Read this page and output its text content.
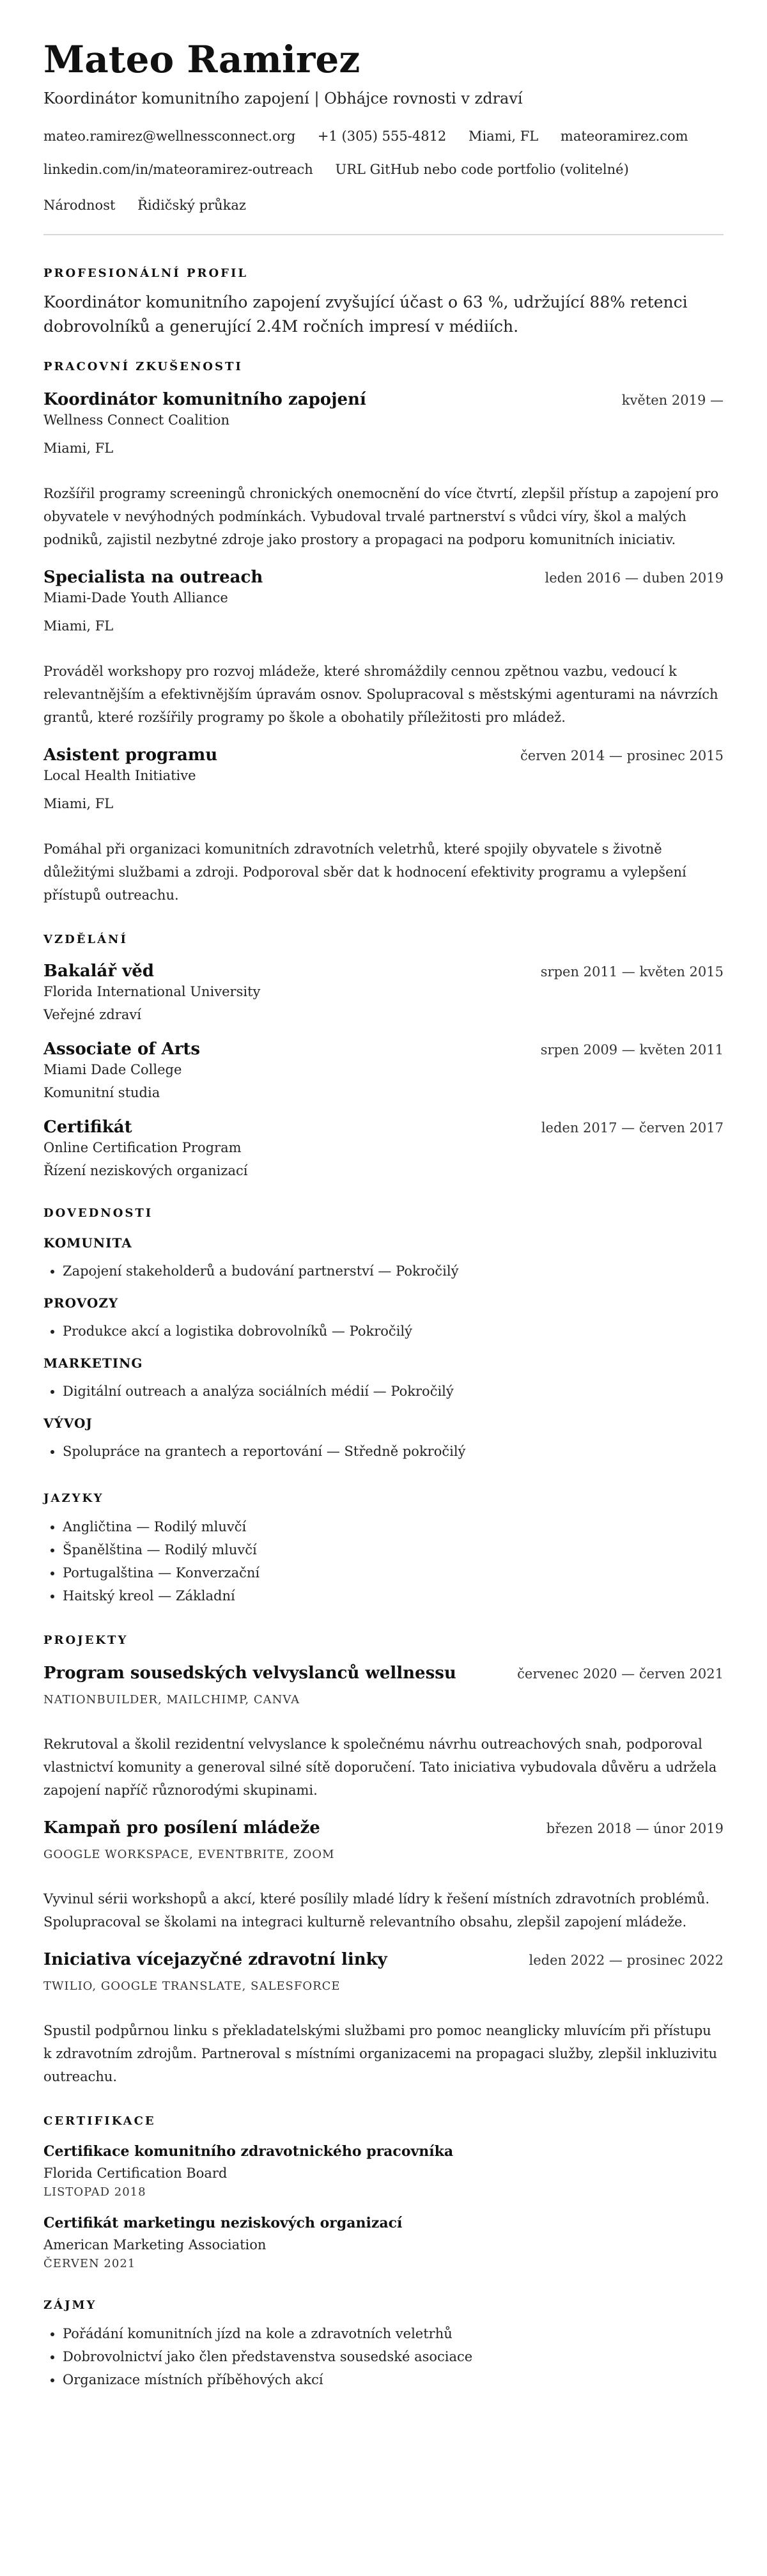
Mateo Ramirez
Koordinátor komunitního zapojení | Obhájce rovnosti v zdraví
mateo.ramirez@wellnessconnect.org +1 (305) 555-4812 Miami, FL mateoramirez.com
linkedin.com/in/mateoramirez-outreach URL GitHub nebo code portfolio (volitelné)
Národnost Řidičský průkaz
PROFESIONÁLNÍ PROFIL
Koordinátor komunitního zapojení zvyšující účast o 63 %, udržující 88% retenci dobrovolníků a generující 2.4M ročních impresí v médiích.
PRACOVNÍ ZKUŠENOSTI
Koordinátor komunitního zapojení	květen 2019 —
Wellness Connect Coalition
Miami, FL
Rozšířil programy screeningů chronických onemocnění do více čtvrtí, zlepšil přístup a zapojení pro obyvatele v nevýhodných podmínkách. Vybudoval trvalé partnerství s vůdci víry, škol a malých podniků, zajistil nezbytné zdroje jako prostory a propagaci na podporu komunitních iniciativ.
Specialista na outreach	leden 2016 — duben 2019
Miami-Dade Youth Alliance
Miami, FL
Prováděl workshopy pro rozvoj mládeže, které shromáždily cennou zpětnou vazbu, vedoucí k relevantnějším a efektivnějším úpravám osnov. Spolupracoval s městskými agenturami na návrzích grantů, které rozšířily programy po škole a obohatily příležitosti pro mládež.
Asistent programu	červen 2014 — prosinec 2015
Local Health Initiative
Miami, FL
Pomáhal při organizaci komunitních zdravotních veletrhů, které spojily obyvatele s životně důležitými službami a zdroji. Podporoval sběr dat k hodnocení efektivity programu a vylepšení přístupů outreachu.
VZDĚLÁNÍ
Bakalář věd	srpen 2011 — květen 2015
Florida International University
Veřejné zdraví
Associate of Arts	srpen 2009 — květen 2011
Miami Dade College
Komunitní studia
Certifikát	leden 2017 — červen 2017
Online Certification Program
Řízení neziskových organizací
DOVEDNOSTI
KOMUNITA
• Zapojení stakeholderů a budování partnerství — Pokročilý
PROVOZY
• Produkce akcí a logistika dobrovolníků — Pokročilý
MARKETING
• Digitální outreach a analýza sociálních médií — Pokročilý
VÝVOJ
• Spolupráce na grantech a reportování — Středně pokročilý
JAZYKY
• Angličtina — Rodilý mluvčí
• Španělština — Rodilý mluvčí
• Portugalština — Konverzační
• Haitský kreol — Základní
PROJEKTY
Program sousedských velvyslanců wellnessu	červenec 2020 — červen 2021
NATIONBUILDER, MAILCHIMP, CANVA
Rekrutoval a školil rezidentní velvyslance k společnému návrhu outreachových snah, podporoval vlastnictví komunity a generoval silné sítě doporučení. Tato iniciativa vybudovala důvěru a udržela zapojení napříč různorodými skupinami.
Kampaň pro posílení mládeže	březen 2018 — únor 2019
GOOGLE WORKSPACE, EVENTBRITE, ZOOM
Vyvinul sérii workshopů a akcí, které posílily mladé lídry k řešení místních zdravotních problémů. Spolupracoval se školami na integraci kulturně relevantního obsahu, zlepšil zapojení mládeže.
Iniciativa vícejazyčné zdravotní linky	leden 2022 — prosinec 2022
TWILIO, GOOGLE TRANSLATE, SALESFORCE
Spustil podpůrnou linku s překladatelskými službami pro pomoc neanglicky mluvícím při přístupu k zdravotním zdrojům. Partneroval s místními organizacemi na propagaci služby, zlepšil inkluzivitu outreachu.
CERTIFIKACE
Certifikace komunitního zdravotnického pracovníka
Florida Certification Board
LISTOPAD 2018
Certifikát marketingu neziskových organizací
American Marketing Association
ČERVEN 2021
ZÁJMY
• Pořádání komunitních jízd na kole a zdravotních veletrhů
• Dobrovolnictví jako člen představenstva sousedské asociace
• Organizace místních příběhových akcí
